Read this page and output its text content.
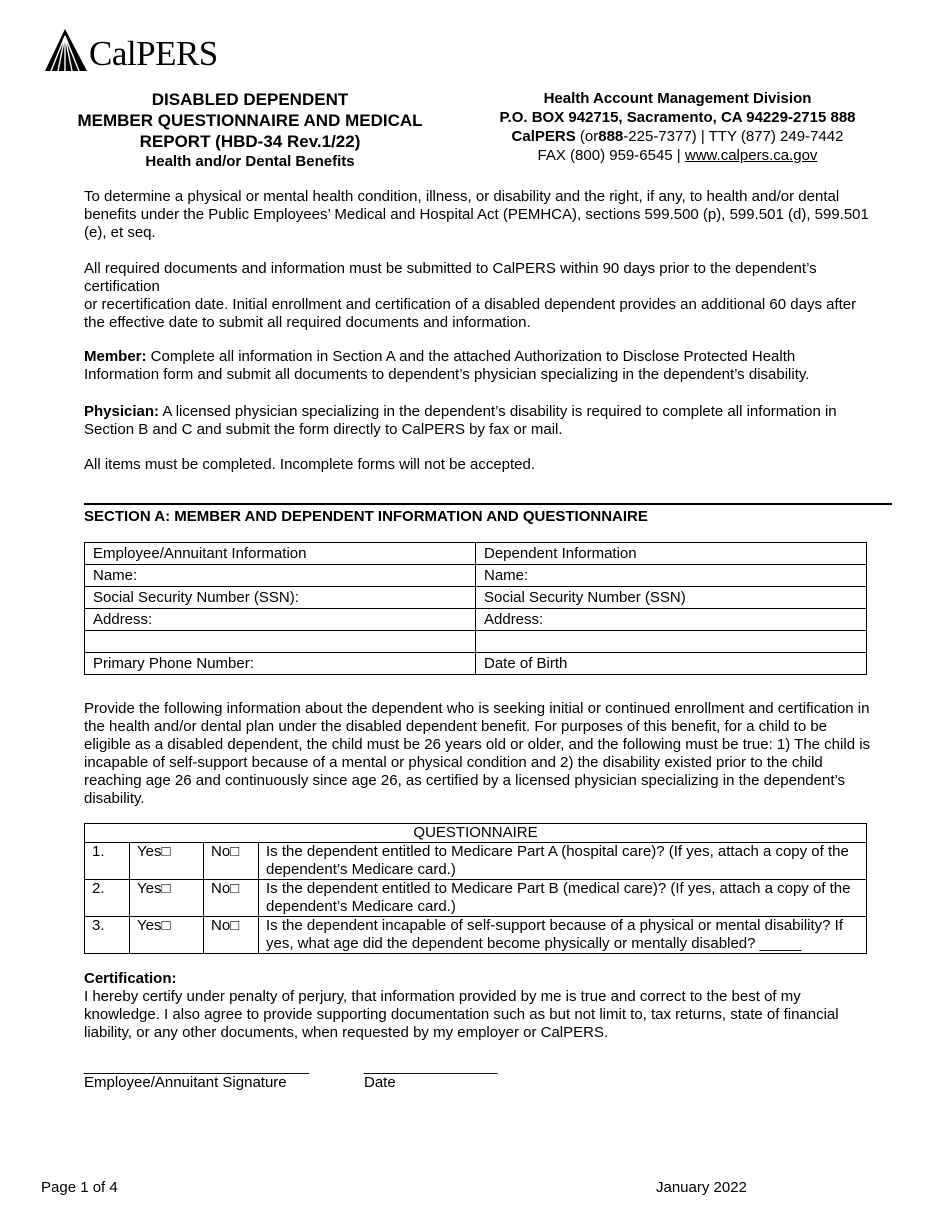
CalPERS
DISABLED DEPENDENT
MEMBER QUESTIONNAIRE AND MEDICAL
REPORT (HBD-34 Rev.1/22)
Health and/or Dental Benefits
Health Account Management Division
P.O. BOX 942715, Sacramento, CA 94229-2715 888
CalPERS (or888-225-7377) | TTY (877) 249-7442
FAX (800) 959-6545 | www.calpers.ca.gov
To determine a physical or mental health condition, illness, or disability and the right, if any, to health and/or dental benefits under the Public Employees’ Medical and Hospital Act (PEMHCA), sections 599.500 (p), 599.501 (d), 599.501 (e), et seq.
All required documents and information must be submitted to CalPERS within 90 days prior to the dependent’s certification
or recertification date. Initial enrollment and certification of a disabled dependent provides an additional 60 days after the effective date to submit all required documents and information.
Member: Complete all information in Section A and the attached Authorization to Disclose Protected Health Information form and submit all documents to dependent’s physician specializing in the dependent’s disability.
Physician: A licensed physician specializing in the dependent’s disability is required to complete all information in Section B and C and submit the form directly to CalPERS by fax or mail.
All items must be completed. Incomplete forms will not be accepted.
SECTION A: MEMBER AND DEPENDENT INFORMATION AND QUESTIONNAIRE
Employee/Annuitant Information	Dependent Information
Name:	Name:
Social Security Number (SSN):	Social Security Number (SSN)
Address:	Address:

Primary Phone Number:	Date of Birth
Provide the following information about the dependent who is seeking initial or continued enrollment and certification in the health and/or dental plan under the disabled dependent benefit. For purposes of this benefit, for a child to be eligible as a disabled dependent, the child must be 26 years old or older, and the following must be true: 1) The child is incapable of self-support because of a mental or physical condition and 2) the disability existed prior to the child reaching age 26 and continuously since age 26, as certified by a licensed physician specializing in the dependent’s disability.
QUESTIONNAIRE			
1.	Yes□	No□	Is the dependent entitled to Medicare Part A (hospital care)? (If yes, attach a copy of the dependent’s Medicare card.)
2.	Yes□	No□	Is the dependent entitled to Medicare Part B (medical care)? (If yes, attach a copy of the dependent’s Medicare card.)
3.	Yes□	No□	Is the dependent incapable of self-support because of a physical or mental disability? If yes, what age did the dependent become physically or mentally disabled? _____
Certification:
I hereby certify under penalty of perjury, that information provided by me is true and correct to the best of my knowledge. I also agree to provide supporting documentation such as but not limit to, tax returns, state of financial liability, or any other documents, when requested by my employer or CalPERS.
___________________________	________________
Employee/Annuitant Signature	Date
Page 1 of 4	January 2022
